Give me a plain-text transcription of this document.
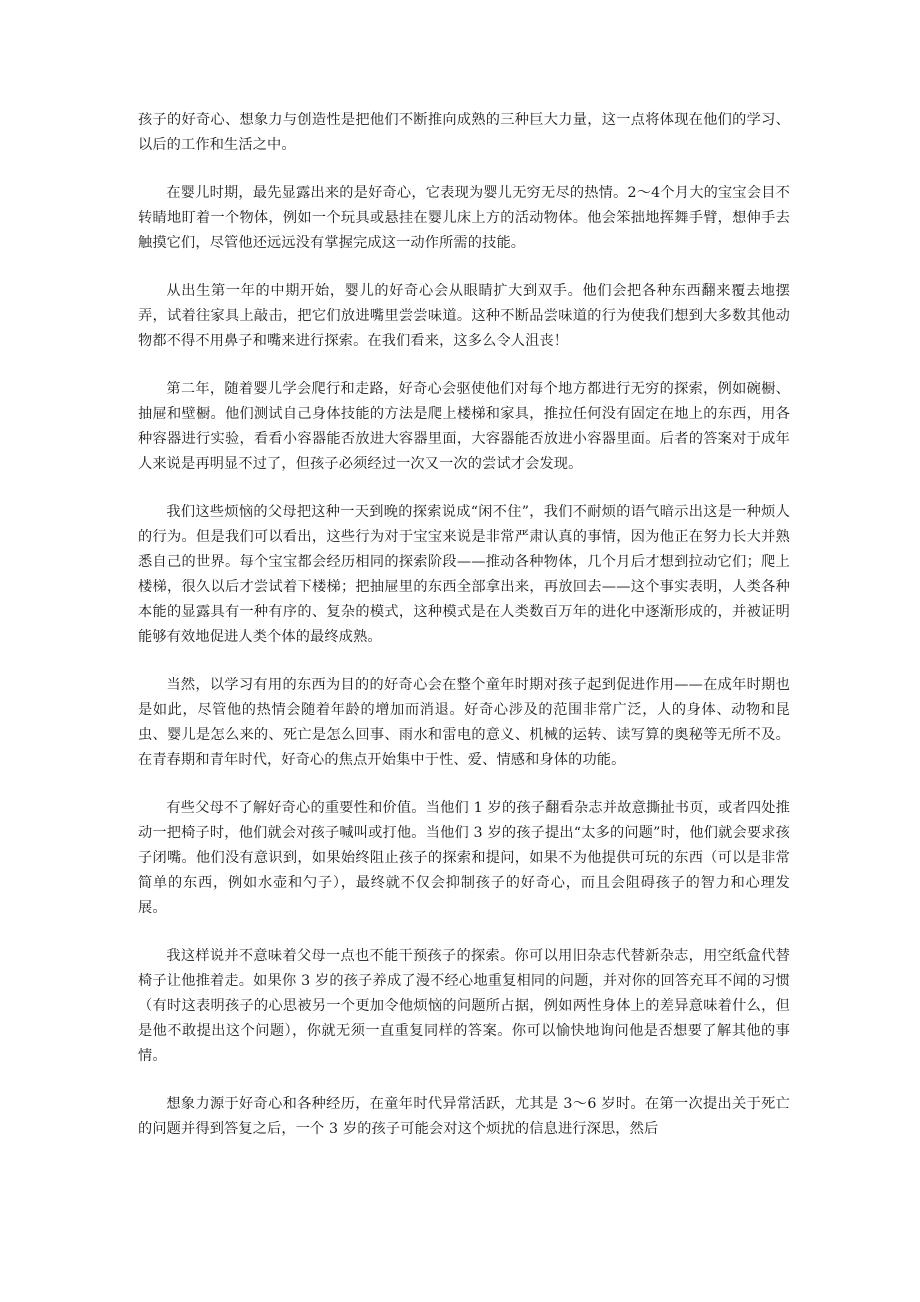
孩子的好奇心、想象力与创造性是把他们不断推向成熟的三种巨大力量，这一点将体现在他们的学习、以后的工作和生活之中。

在婴儿时期，最先显露出来的是好奇心，它表现为婴儿无穷无尽的热情。2～4个月大的宝宝会目不转睛地盯着一个物体，例如一个玩具或悬挂在婴儿床上方的活动物体。他会笨拙地挥舞手臂，想伸手去触摸它们，尽管他还远远没有掌握完成这一动作所需的技能。

从出生第一年的中期开始，婴儿的好奇心会从眼睛扩大到双手。他们会把各种东西翻来覆去地摆弄，试着往家具上敲击，把它们放进嘴里尝尝味道。这种不断品尝味道的行为使我们想到大多数其他动物都不得不用鼻子和嘴来进行探索。在我们看来，这多么令人沮丧！

第二年，随着婴儿学会爬行和走路，好奇心会驱使他们对每个地方都进行无穷的探索，例如碗橱、抽屉和壁橱。他们测试自己身体技能的方法是爬上楼梯和家具，推拉任何没有固定在地上的东西，用各种容器进行实验，看看小容器能否放进大容器里面，大容器能否放进小容器里面。后者的答案对于成年人来说是再明显不过了，但孩子必须经过一次又一次的尝试才会发现。

我们这些烦恼的父母把这种一天到晚的探索说成“闲不住”，我们不耐烦的语气暗示出这是一种烦人的行为。但是我们可以看出，这些行为对于宝宝来说是非常严肃认真的事情，因为他正在努力长大并熟悉自己的世界。每个宝宝都会经历相同的探索阶段——推动各种物体，几个月后才想到拉动它们；爬上楼梯，很久以后才尝试着下楼梯；把抽屉里的东西全部拿出来，再放回去——这个事实表明，人类各种本能的显露具有一种有序的、复杂的模式，这种模式是在人类数百万年的进化中逐渐形成的，并被证明能够有效地促进人类个体的最终成熟。

当然，以学习有用的东西为目的的好奇心会在整个童年时期对孩子起到促进作用——在成年时期也是如此，尽管他的热情会随着年龄的增加而消退。好奇心涉及的范围非常广泛，人的身体、动物和昆虫、婴儿是怎么来的、死亡是怎么回事、雨水和雷电的意义、机械的运转、读写算的奥秘等无所不及。在青春期和青年时代，好奇心的焦点开始集中于性、爱、情感和身体的功能。

有些父母不了解好奇心的重要性和价值。当他们 1 岁的孩子翻看杂志并故意撕扯书页，或者四处推动一把椅子时，他们就会对孩子喊叫或打他。当他们 3 岁的孩子提出“太多的问题”时，他们就会要求孩子闭嘴。他们没有意识到，如果始终阻止孩子的探索和提问，如果不为他提供可玩的东西（可以是非常简单的东西，例如水壶和勺子），最终就不仅会抑制孩子的好奇心，而且会阻碍孩子的智力和心理发展。

我这样说并不意味着父母一点也不能干预孩子的探索。你可以用旧杂志代替新杂志，用空纸盒代替椅子让他推着走。如果你 3 岁的孩子养成了漫不经心地重复相同的问题，并对你的回答充耳不闻的习惯（有时这表明孩子的心思被另一个更加令他烦恼的问题所占据，例如两性身体上的差异意味着什么，但是他不敢提出这个问题），你就无须一直重复同样的答案。你可以愉快地询问他是否想要了解其他的事情。

想象力源于好奇心和各种经历，在童年时代异常活跃，尤其是 3～6 岁时。在第一次提出关于死亡的问题并得到答复之后，一个 3 岁的孩子可能会对这个烦扰的信息进行深思，然后
